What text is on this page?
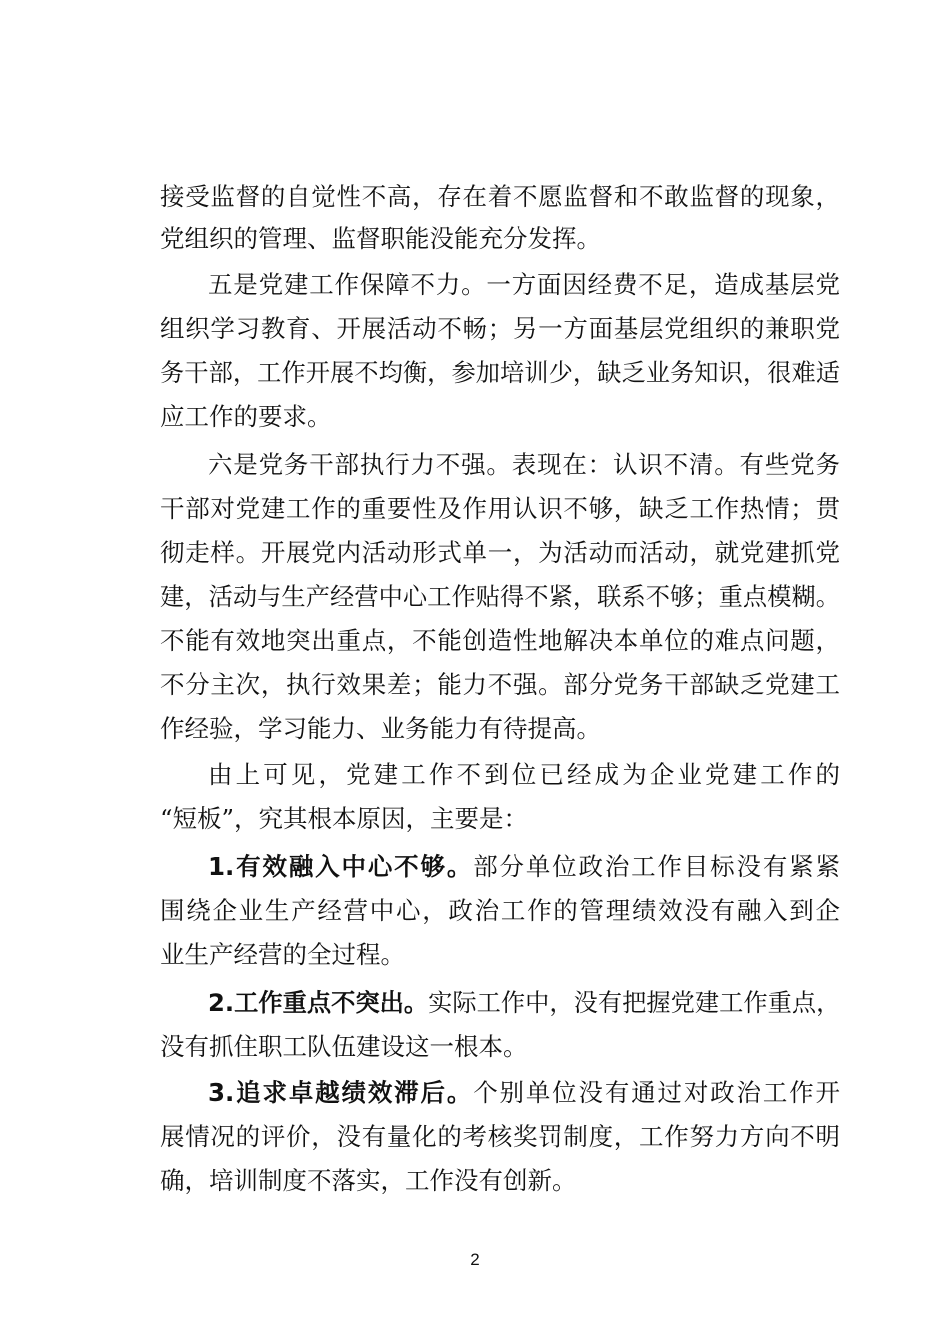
接受监督的自觉性不高，存在着不愿监督和不敢监督的现象，
党组织的管理、监督职能没能充分发挥。
五是党建工作保障不力。一方面因经费不足，造成基层党
组织学习教育、开展活动不畅；另一方面基层党组织的兼职党
务干部，工作开展不均衡，参加培训少，缺乏业务知识，很难适
应工作的要求。
六是党务干部执行力不强。表现在：认识不清。有些党务
干部对党建工作的重要性及作用认识不够，缺乏工作热情；贯
彻走样。开展党内活动形式单一，为活动而活动，就党建抓党
建，活动与生产经营中心工作贴得不紧，联系不够；重点模糊。
不能有效地突出重点，不能创造性地解决本单位的难点问题，
不分主次，执行效果差；能力不强。部分党务干部缺乏党建工
作经验，学习能力、业务能力有待提高。
由上可见，党建工作不到位已经成为企业党建工作的
“短板”，究其根本原因，主要是：
1.有效融入中心不够。部分单位政治工作目标没有紧紧
围绕企业生产经营中心，政治工作的管理绩效没有融入到企
业生产经营的全过程。
2.工作重点不突出。实际工作中，没有把握党建工作重点，
没有抓住职工队伍建设这一根本。
3.追求卓越绩效滞后。个别单位没有通过对政治工作开
展情况的评价，没有量化的考核奖罚制度，工作努力方向不明
确，培训制度不落实，工作没有创新。
2
